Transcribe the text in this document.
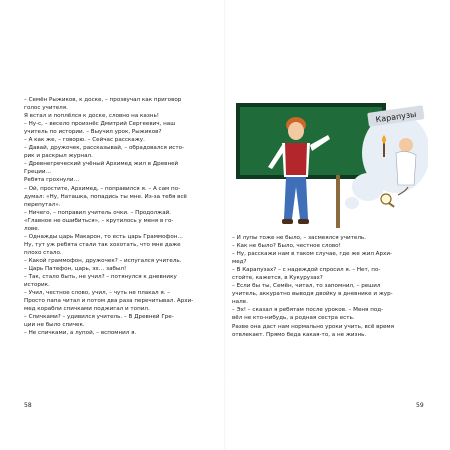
– Семён Рыжиков, к доске, – прозвучал как приговор
голос учителя.
Я встал и поплёлся к доске, словно на казнь!
– Ну-с, – весело произнёс Дмитрий Сергеевич, наш
учитель по истории. – Выучил урок, Рыжиков?
– А как же, – говорю. – Сейчас расскажу.
– Давай, дружочек, рассказывай, – обрадовался исто-
рик и раскрыл журнал.
– Древнегреческий учёный Архимед жил в Древней
Греции…
Ребята грохнули…
– Ой, простите, Архимед, – поправился я. – А сам по-
думал: «Ну, Наташка, попадись ты мне. Из-за тебя всё
перепутал».
– Ничего, – поправил учитель очки. – Продолжай.
«Главное не ошибиться», – крутилось у меня в го-
лове.
– Однажды царь Макарон, то есть царь Граммофон…
Ну, тут уж ребята стали так хохотать, что мне даже
плохо стало.
– Какой граммофон, дружочек? – испугался учитель.
– Царь Патефон, царь, эх… забыл!
– Так, стало быть, не учил? – потянулся к дневнику
историк.
– Учил, честное слово, учил, – чуть не плакал я. –
Просто папа читал и потом два раза перечитывал. Архи-
мед корабли спичками поджигал и топил.
– Спичками? – удивился учитель. – В Древней Гре-
ции не было спичек.
– Не спичками, а лупой, – вспомнил я.
58
Карапузы
– И лупы тоже не было, – засмеялся учитель.
– Как не было? Было, честное слово!
– Ну, расскажи нам в таком случае, где же жил Архи-
мед?
– В Карапузах? – с надеждой спросил я. – Нет, по-
стойте, кажется, в Кукурузах?
– Если бы ты, Семён, читал, то запомнил, – решил
учитель, аккуратно выводя двойку в дневнике и жур-
нале.
– Эх! – сказал я ребятам после уроков. – Меня под-
вёл не кто-нибудь, а родная сестра есть.
Разве она даст нам нормально уроки учить, всё время
отвлекает. Прямо беда какая-то, а не жизнь.
59
